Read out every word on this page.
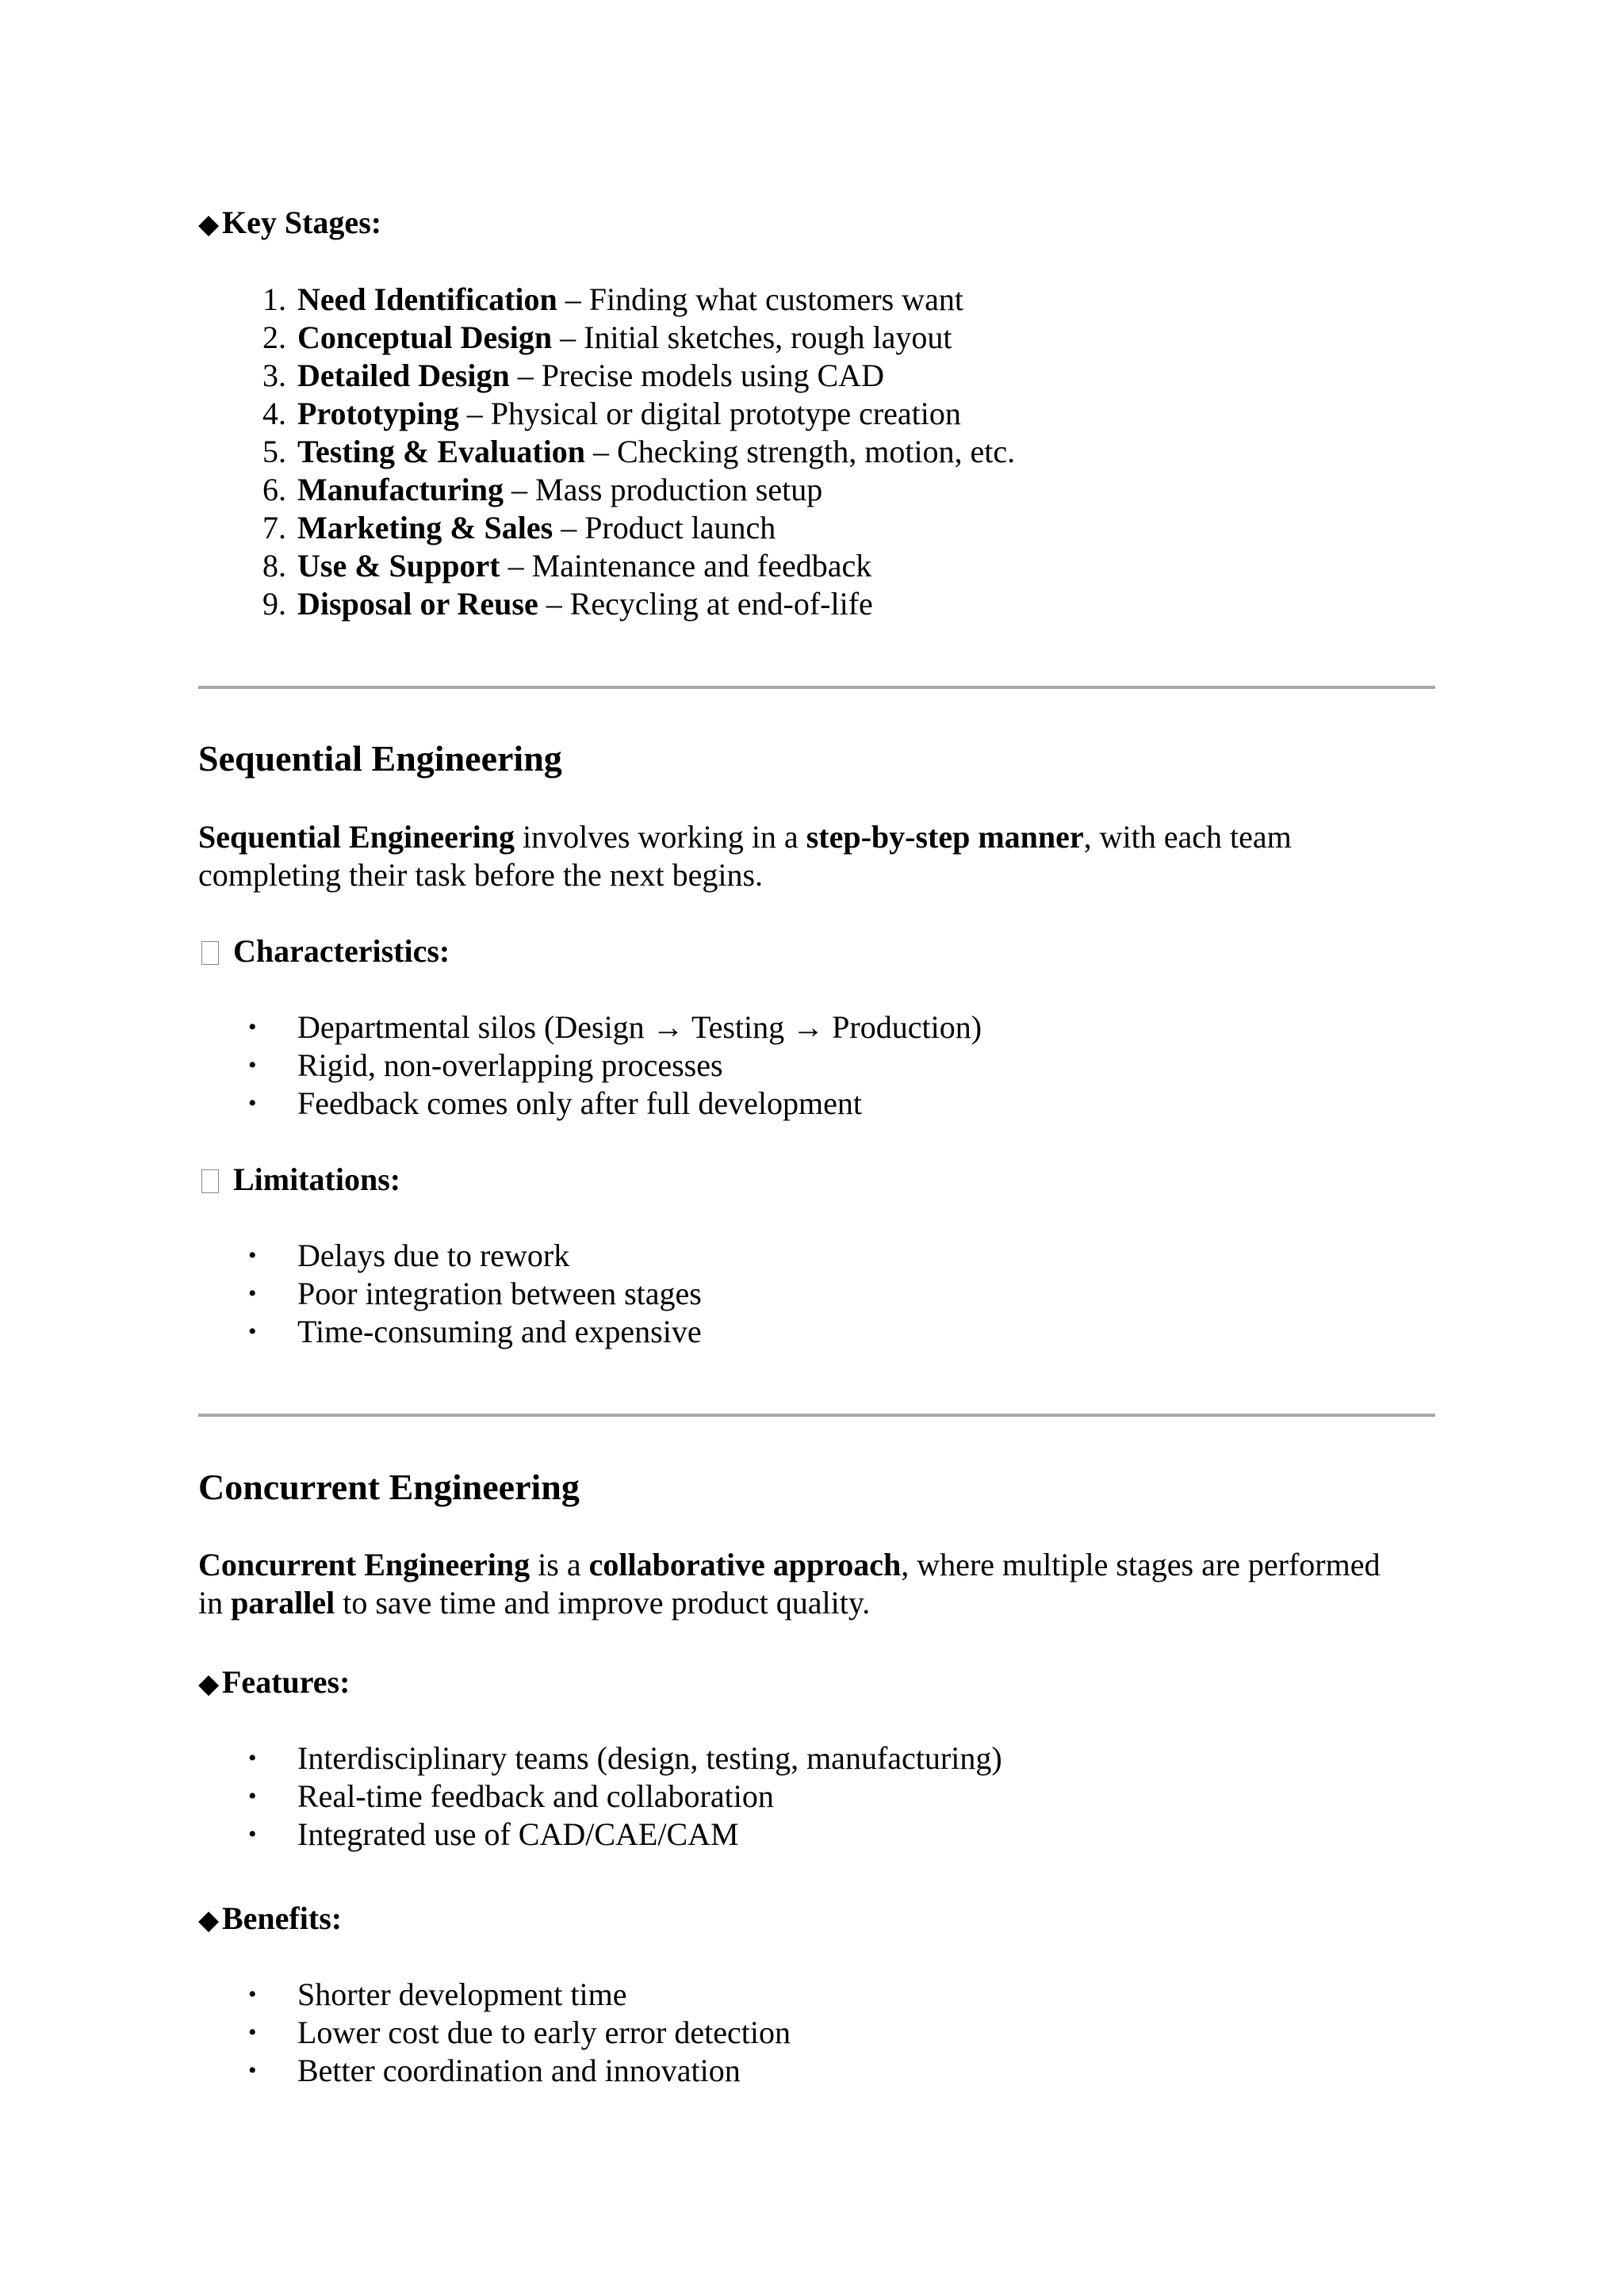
◆Key Stages:

1. Need Identification – Finding what customers want
2. Conceptual Design – Initial sketches, rough layout
3. Detailed Design – Precise models using CAD
4. Prototyping – Physical or digital prototype creation
5. Testing & Evaluation – Checking strength, motion, etc.
6. Manufacturing – Mass production setup
7. Marketing & Sales – Product launch
8. Use & Support – Maintenance and feedback
9. Disposal or Reuse – Recycling at end-of-life
Sequential Engineering

Sequential Engineering involves working in a step-by-step manner, with each team

completing their task before the next begins.

Characteristics:

• Departmental silos (Design → Testing → Production)
• Rigid, non-overlapping processes
• Feedback comes only after full development

Limitations:

• Delays due to rework
• Poor integration between stages
• Time-consuming and expensive
Concurrent Engineering

Concurrent Engineering is a collaborative approach, where multiple stages are performed

in parallel to save time and improve product quality.

◆Features:

• Interdisciplinary teams (design, testing, manufacturing)
• Real-time feedback and collaboration
• Integrated use of CAD/CAE/CAM

◆Benefits:

• Shorter development time
• Lower cost due to early error detection
• Better coordination and innovation
